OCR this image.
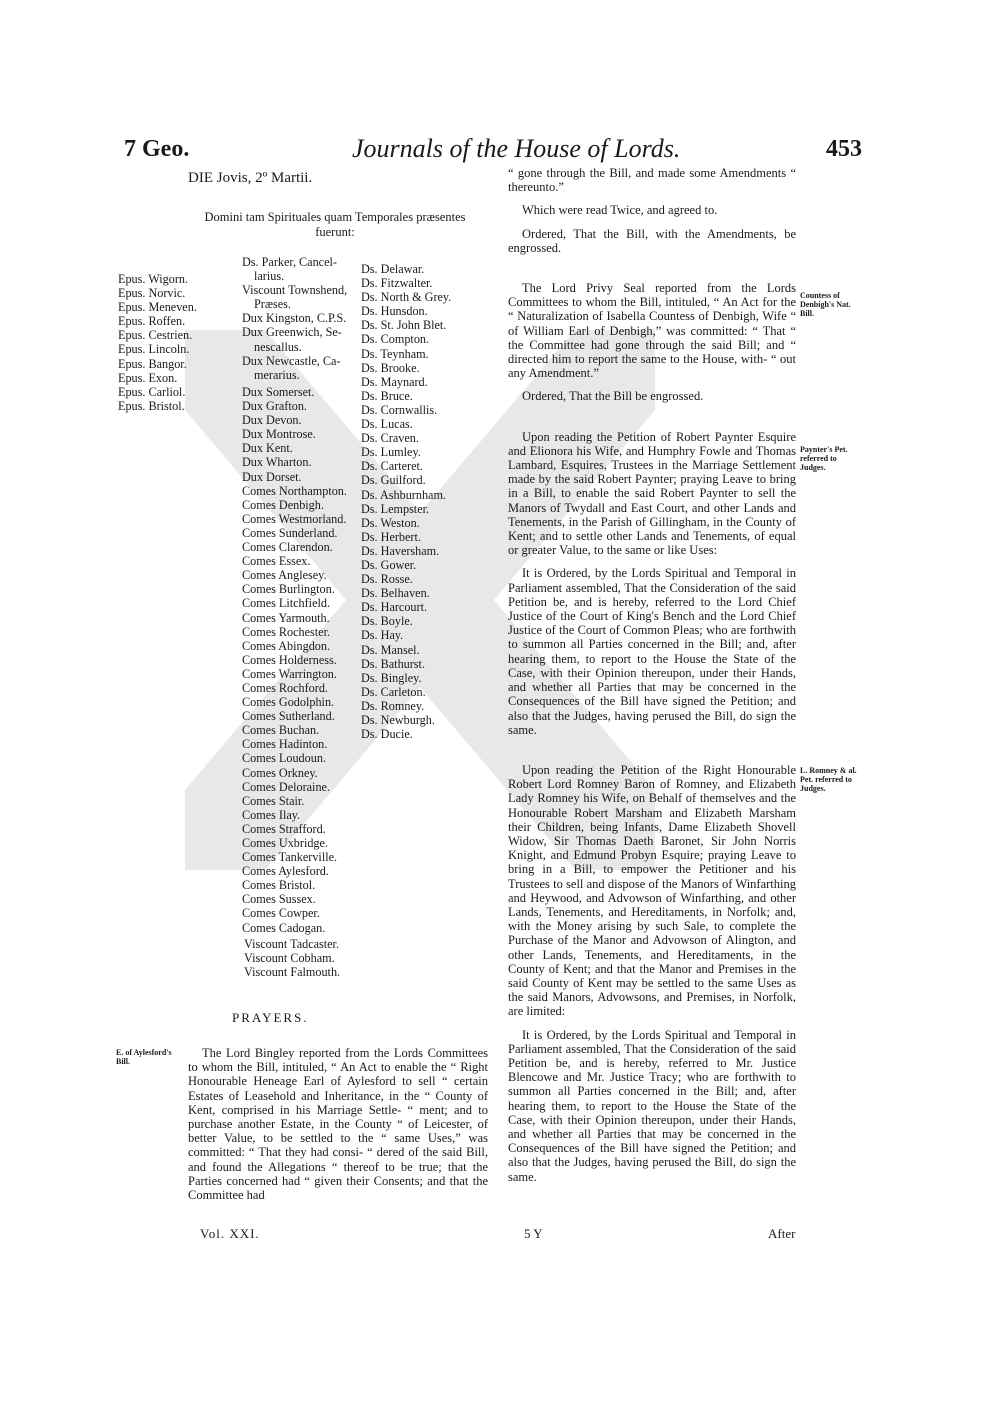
7 Geo.	Journals of the House of Lords.	453
DIE Jovis, 2º Martii.
Domini tam Spirituales quam Temporales præsentes fuerunt:
Epus. Wigorn.
Epus. Norvic.
Epus. Meneven.
Epus. Roffen.
Epus. Cestrien.
Epus. Lincoln.
Epus. Bangor.
Epus. Exon.
Epus. Carliol.
Epus. Bristol.
Ds. Parker, Cancel-
larius.
Viscount Townshend,
Præses.
Dux Kingston, C.P.S.
Dux Greenwich, Se-
nescallus.
Dux Newcastle, Ca-
merarius.
Dux Somerset.
Dux Grafton.
Dux Devon.
Dux Montrose.
Dux Kent.
Dux Wharton.
Dux Dorset.
Comes Northampton.
Comes Denbigh.
Comes Westmorland.
Comes Sunderland.
Comes Clarendon.
Comes Essex.
Comes Anglesey.
Comes Burlington.
Comes Litchfield.
Comes Yarmouth.
Comes Rochester.
Comes Abingdon.
Comes Holderness.
Comes Warrington.
Comes Rochford.
Comes Godolphin.
Comes Sutherland.
Comes Buchan.
Comes Hadinton.
Comes Loudoun.
Comes Orkney.
Comes Deloraine.
Comes Stair.
Comes Ilay.
Comes Strafford.
Comes Uxbridge.
Comes Tankerville.
Comes Aylesford.
Comes Bristol.
Comes Sussex.
Comes Cowper.
Comes Cadogan.
Viscount Tadcaster.
Viscount Cobham.
Viscount Falmouth.
Ds. Delawar.
Ds. Fitzwalter.
Ds. North & Grey.
Ds. Hunsdon.
Ds. St. John Blet.
Ds. Compton.
Ds. Teynham.
Ds. Brooke.
Ds. Maynard.
Ds. Bruce.
Ds. Cornwallis.
Ds. Lucas.
Ds. Craven.
Ds. Lumley.
Ds. Carteret.
Ds. Guilford.
Ds. Ashburnham.
Ds. Lempster.
Ds. Weston.
Ds. Herbert.
Ds. Haversham.
Ds. Gower.
Ds. Rosse.
Ds. Belhaven.
Ds. Harcourt.
Ds. Boyle.
Ds. Hay.
Ds. Mansel.
Ds. Bathurst.
Ds. Bingley.
Ds. Carleton.
Ds. Romney.
Ds. Newburgh.
Ds. Ducie.
PRAYERS.
E. of Aylesford's Bill.

The Lord Bingley reported from the Lords Committees to whom the Bill, intituled, “ An Act to enable the “ Right Honourable Heneage Earl of Aylesford to sell “ certain Estates of Leasehold and Inheritance, in the “ County of Kent, comprised in his Marriage Settle- “ ment; and to purchase another Estate, in the County “ of Leicester, of better Value, to be settled to the “ same Uses,” was committed: “ That they had consi- “ dered of the said Bill, and found the Allegations “ thereof to be true; that the Parties concerned had “ given their Consents; and that the Committee had

Vol. XXI.

“ gone through the Bill, and made some Amendments “ thereunto.”

Which were read Twice, and agreed to.

Ordered, That the Bill, with the Amendments, be engrossed.

The Lord Privy Seal reported from the Lords Committees to whom the Bill, intituled, “ An Act for the “ Naturalization of Isabella Countess of Denbigh, Wife “ of William Earl of Denbigh,” was committed: “ That “ the Committee had gone through the said Bill; and “ directed him to report the same to the House, with- “ out any Amendment.”

Ordered, That the Bill be engrossed.

Upon reading the Petition of Robert Paynter Esquire and Elionora his Wife, and Humphry Fowle and Thomas Lambard, Esquires, Trustees in the Marriage Settlement made by the said Robert Paynter; praying Leave to bring in a Bill, to enable the said Robert Paynter to sell the Manors of Twydall and East Court, and other Lands and Tenements, in the Parish of Gillingham, in the County of Kent; and to settle other Lands and Tenements, of equal or greater Value, to the same or like Uses:

It is Ordered, by the Lords Spiritual and Temporal in Parliament assembled, That the Consideration of the said Petition be, and is hereby, referred to the Lord Chief Justice of the Court of King's Bench and the Lord Chief Justice of the Court of Common Pleas; who are forthwith to summon all Parties concerned in the Bill; and, after hearing them, to report to the House the State of the Case, with their Opinion thereupon, under their Hands, and whether all Parties that may be concerned in the Consequences of the Bill have signed the Petition; and also that the Judges, having perused the Bill, do sign the same.

Upon reading the Petition of the Right Honourable Robert Lord Romney Baron of Romney, and Elizabeth Lady Romney his Wife, on Behalf of themselves and the Honourable Robert Marsham and Elizabeth Marsham their Children, being Infants, Dame Elizabeth Shovell Widow, Sir Thomas Daeth Baronet, Sir John Norris Knight, and Edmund Probyn Esquire; praying Leave to bring in a Bill, to empower the Petitioner and his Trustees to sell and dispose of the Manors of Winfarthing and Heywood, and Advowson of Winfarthing, and other Lands, Tenements, and Hereditaments, in Norfolk; and, with the Money arising by such Sale, to complete the Purchase of the Manor and Advowson of Alington, and other Lands, Tenements, and Hereditaments, in the County of Kent; and that the Manor and Premises in the said County of Kent may be settled to the same Uses as the said Manors, Advowsons, and Premises, in Norfolk, are limited:

It is Ordered, by the Lords Spiritual and Temporal in Parliament assembled, That the Consideration of the said Petition be, and is hereby, referred to Mr. Justice Blencowe and Mr. Justice Tracy; who are forthwith to summon all Parties concerned in the Bill; and, after hearing them, to report to the House the State of the Case, with their Opinion thereupon, under their Hands, and whether all Parties that may be concerned in the Consequences of the Bill have signed the Petition; and also that the Judges, having perused the Bill, do sign the same.

Countess of Denbigh's Nat. Bill.
Paynter's Pet. referred to Judges.
L. Romney & al. Pet. referred to Judges.
5 Y	After
